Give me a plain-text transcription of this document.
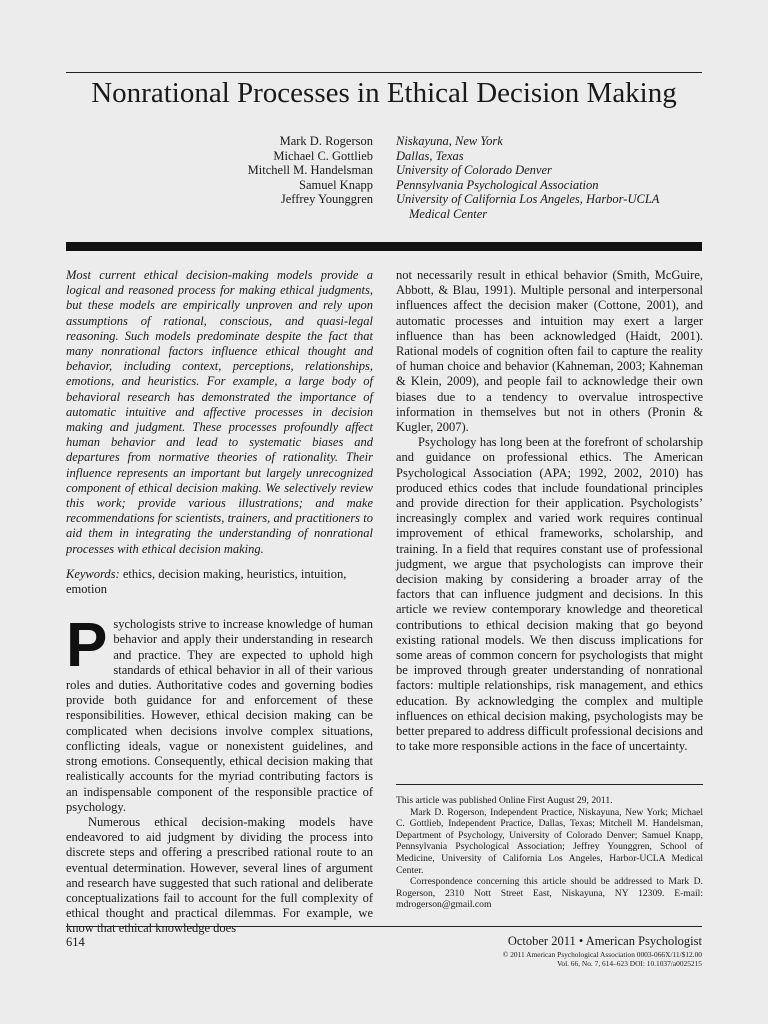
Nonrational Processes in Ethical Decision Making
Mark D. Rogerson
Michael C. Gottlieb
Mitchell M. Handelsman
Samuel Knapp
Jeffrey Younggren
Niskayuna, New York
Dallas, Texas
University of Colorado Denver
Pennsylvania Psychological Association
University of California Los Angeles, Harbor-UCLA
Medical Center

Most current ethical decision-making models provide a logical and reasoned process for making ethical judgments, but these models are empirically unproven and rely upon assumptions of rational, conscious, and quasi-legal reasoning. Such models predominate despite the fact that many nonrational factors influence ethical thought and behavior, including context, perceptions, relationships, emotions, and heuristics. For example, a large body of behavioral research has demonstrated the importance of automatic intuitive and affective processes in decision making and judgment. These processes profoundly affect human behavior and lead to systematic biases and departures from normative theories of rationality. Their influence represents an important but largely unrecognized component of ethical decision making. We selectively review this work; provide various illustrations; and make recommendations for scientists, trainers, and practitioners to aid them in integrating the understanding of nonrational processes with ethical decision making.

Keywords: ethics, decision making, heuristics, intuition, emotion

Psychologists strive to increase knowledge of human behavior and apply their understanding in research and practice. They are expected to uphold high standards of ethical behavior in all of their various roles and duties. Authoritative codes and governing bodies provide both guidance for and enforcement of these responsibilities. However, ethical decision making can be complicated when decisions involve complex situations, conflicting ideals, vague or nonexistent guidelines, and strong emotions. Consequently, ethical decision making that realistically accounts for the myriad contributing factors is an indispensable component of the responsible practice of psychology.

Numerous ethical decision-making models have endeavored to aid judgment by dividing the process into discrete steps and offering a prescribed rational route to an eventual determination. However, several lines of argument and research have suggested that such rational and deliberate conceptualizations fail to account for the full complexity of ethical thought and practical dilemmas. For example, we know that ethical knowledge does

not necessarily result in ethical behavior (Smith, McGuire, Abbott, & Blau, 1991). Multiple personal and interpersonal influences affect the decision maker (Cottone, 2001), and automatic processes and intuition may exert a larger influence than has been acknowledged (Haidt, 2001). Rational models of cognition often fail to capture the reality of human choice and behavior (Kahneman, 2003; Kahneman & Klein, 2009), and people fail to acknowledge their own biases due to a tendency to overvalue introspective information in themselves but not in others (Pronin & Kugler, 2007).

Psychology has long been at the forefront of scholarship and guidance on professional ethics. The American Psychological Association (APA; 1992, 2002, 2010) has produced ethics codes that include foundational principles and provide direction for their application. Psychologists’ increasingly complex and varied work requires continual improvement of ethical frameworks, scholarship, and training. In a field that requires constant use of professional judgment, we argue that psychologists can improve their decision making by considering a broader array of the factors that can influence judgment and decisions. In this article we review contemporary knowledge and theoretical contributions to ethical decision making that go beyond existing rational models. We then discuss implications for some areas of common concern for psychologists that might be improved through greater understanding of nonrational factors: multiple relationships, risk management, and ethics education. By acknowledging the complex and multiple influences on ethical decision making, psychologists may be better prepared to address difficult professional decisions and to take more responsible actions in the face of uncertainty.

This article was published Online First August 29, 2011.

Mark D. Rogerson, Independent Practice, Niskayuna, New York; Michael C. Gottlieb, Independent Practice, Dallas, Texas; Mitchell M. Handelsman, Department of Psychology, University of Colorado Denver; Samuel Knapp, Pennsylvania Psychological Association; Jeffrey Younggren, School of Medicine, University of California Los Angeles, Harbor-UCLA Medical Center.

Correspondence concerning this article should be addressed to Mark D. Rogerson, 2310 Nott Street East, Niskayuna, NY 12309. E-mail: mdrogerson@gmail.com

614	October 2011 • American Psychologist
© 2011 American Psychological Association 0003-066X/11/$12.00
Vol. 66, No. 7, 614–623 DOI: 10.1037/a0025215
